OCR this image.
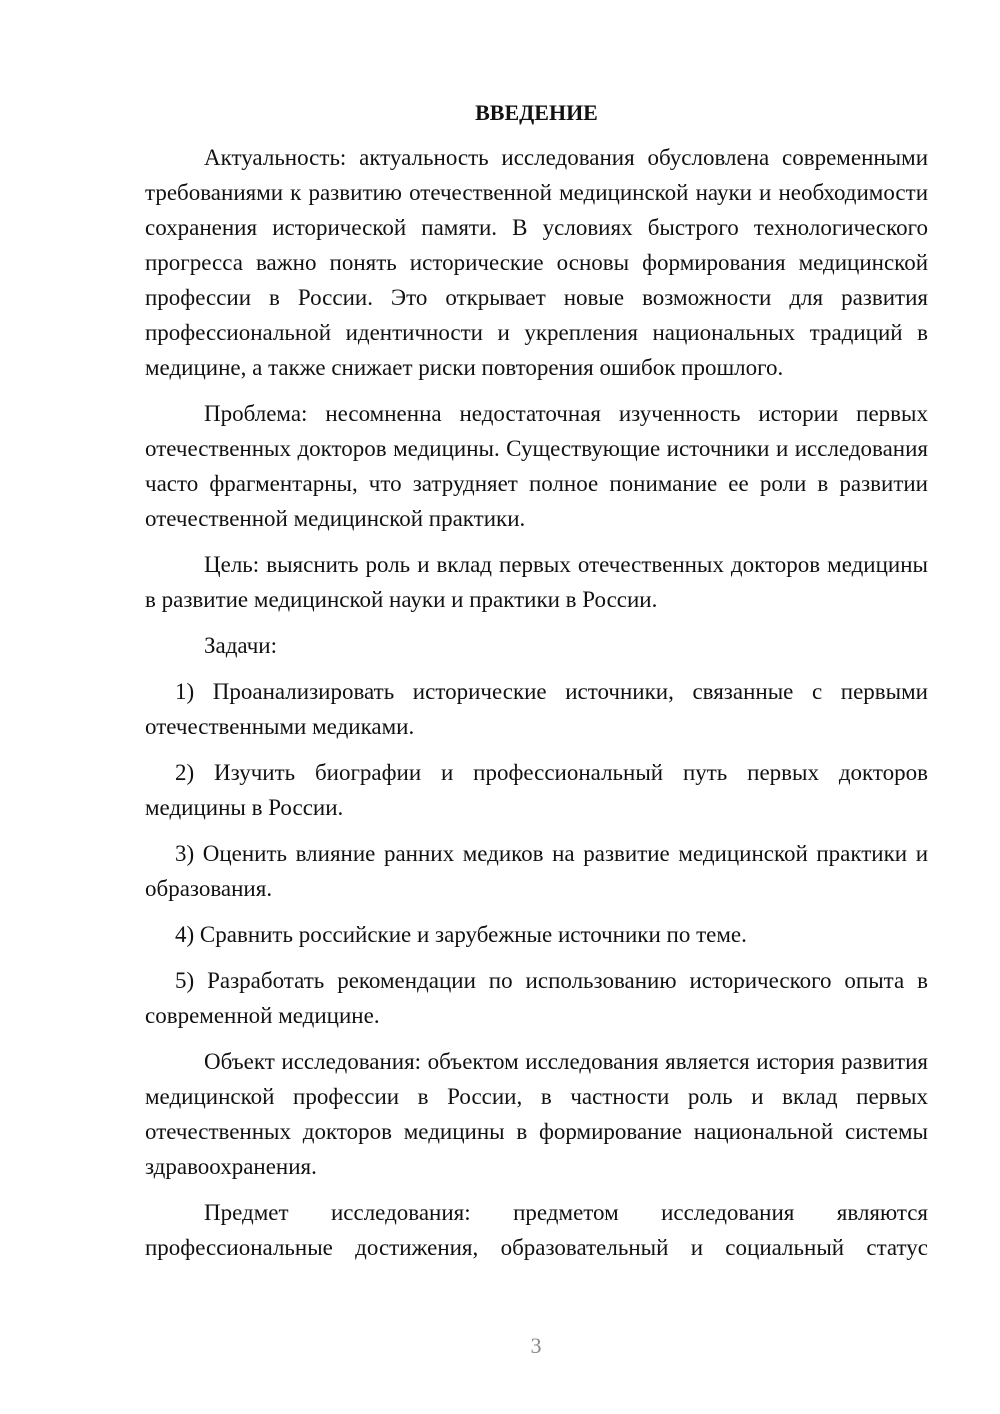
ВВЕДЕНИЕ

Актуальность: актуальность исследования обусловлена современными требованиями к развитию отечественной медицинской науки и необходимости сохранения исторической памяти. В условиях быстрого технологического прогресса важно понять исторические основы формирования медицинской профессии в России. Это открывает новые возможности для развития профессиональной идентичности и укрепления национальных традиций в медицине, а также снижает риски повторения ошибок прошлого.

Проблема: несомненна недостаточная изученность истории первых отечественных докторов медицины. Существующие источники и исследования часто фрагментарны, что затрудняет полное понимание ее роли в развитии отечественной медицинской практики.

Цель: выяснить роль и вклад первых отечественных докторов медицины в развитие медицинской науки и практики в России.

Задачи:

1) Проанализировать исторические источники, связанные с первыми отечественными медиками.

2) Изучить биографии и профессиональный путь первых докторов медицины в России.

3) Оценить влияние ранних медиков на развитие медицинской практики и образования.

4) Сравнить российские и зарубежные источники по теме.

5) Разработать рекомендации по использованию исторического опыта в современной медицине.

Объект исследования: объектом исследования является история развития медицинской профессии в России, в частности роль и вклад первых отечественных докторов медицины в формирование национальной системы здравоохранения.

Предмет исследования: предметом исследования являются профессиональные достижения, образовательный и социальный статус

3
